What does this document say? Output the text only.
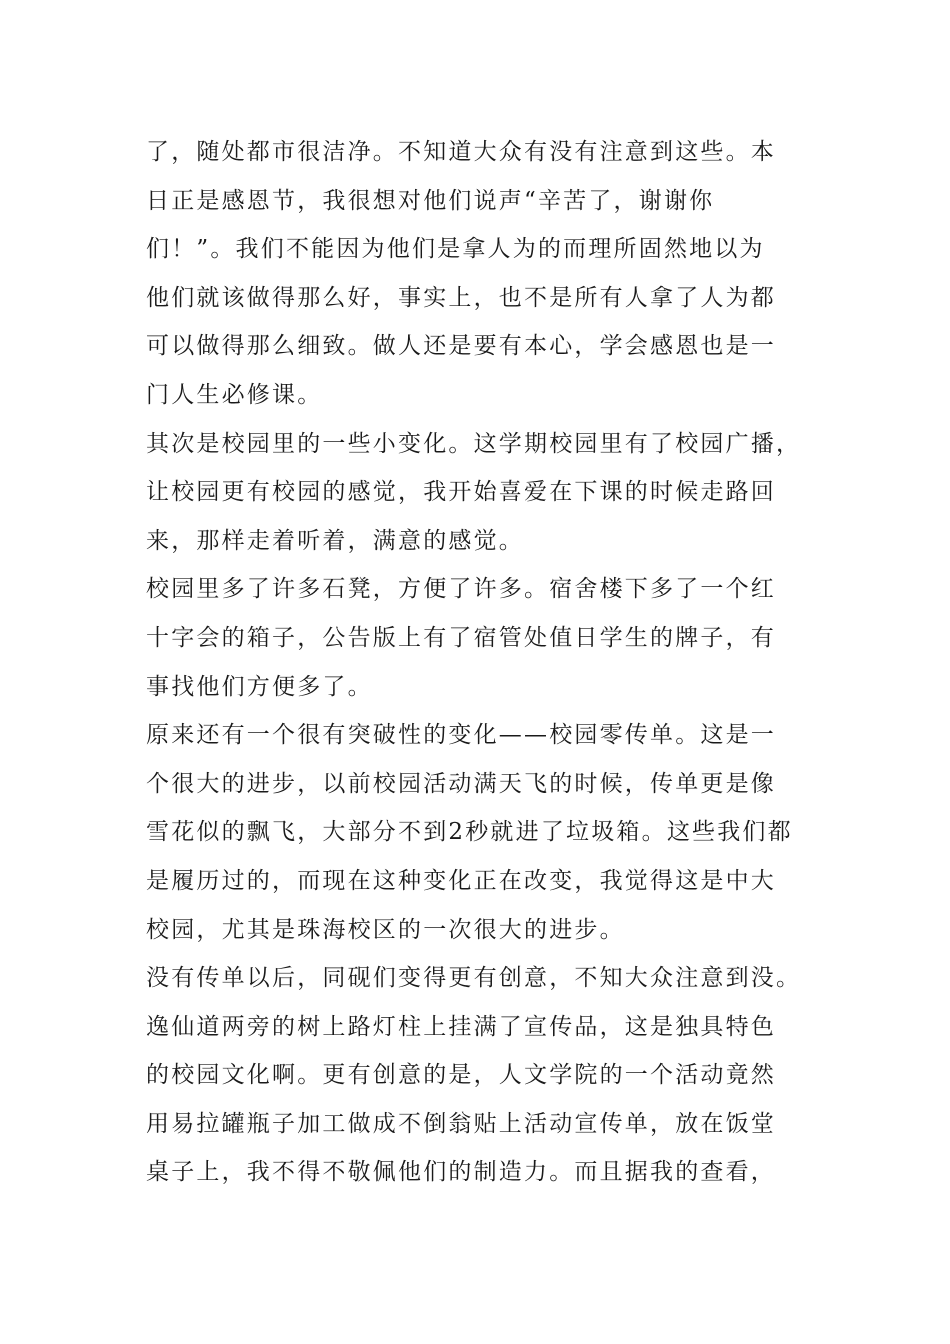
了，随处都市很洁净。不知道大众有没有注意到这些。本
日正是感恩节，我很想对他们说声“辛苦了，谢谢你
们！”。我们不能因为他们是拿人为的而理所固然地以为
他们就该做得那么好，事实上，也不是所有人拿了人为都
可以做得那么细致。做人还是要有本心，学会感恩也是一
门人生必修课。
其次是校园里的一些小变化。这学期校园里有了校园广播，
让校园更有校园的感觉，我开始喜爱在下课的时候走路回
来，那样走着听着，满意的感觉。
校园里多了许多石凳，方便了许多。宿舍楼下多了一个红
十字会的箱子，公告版上有了宿管处值日学生的牌子，有
事找他们方便多了。
原来还有一个很有突破性的变化——校园零传单。这是一
个很大的进步，以前校园活动满天飞的时候，传单更是像
雪花似的飘飞，大部分不到2秒就进了垃圾箱。这些我们都
是履历过的，而现在这种变化正在改变，我觉得这是中大
校园，尤其是珠海校区的一次很大的进步。
没有传单以后，同砚们变得更有创意，不知大众注意到没。
逸仙道两旁的树上路灯柱上挂满了宣传品，这是独具特色
的校园文化啊。更有创意的是，人文学院的一个活动竟然
用易拉罐瓶子加工做成不倒翁贴上活动宣传单，放在饭堂
桌子上，我不得不敬佩他们的制造力。而且据我的查看，
